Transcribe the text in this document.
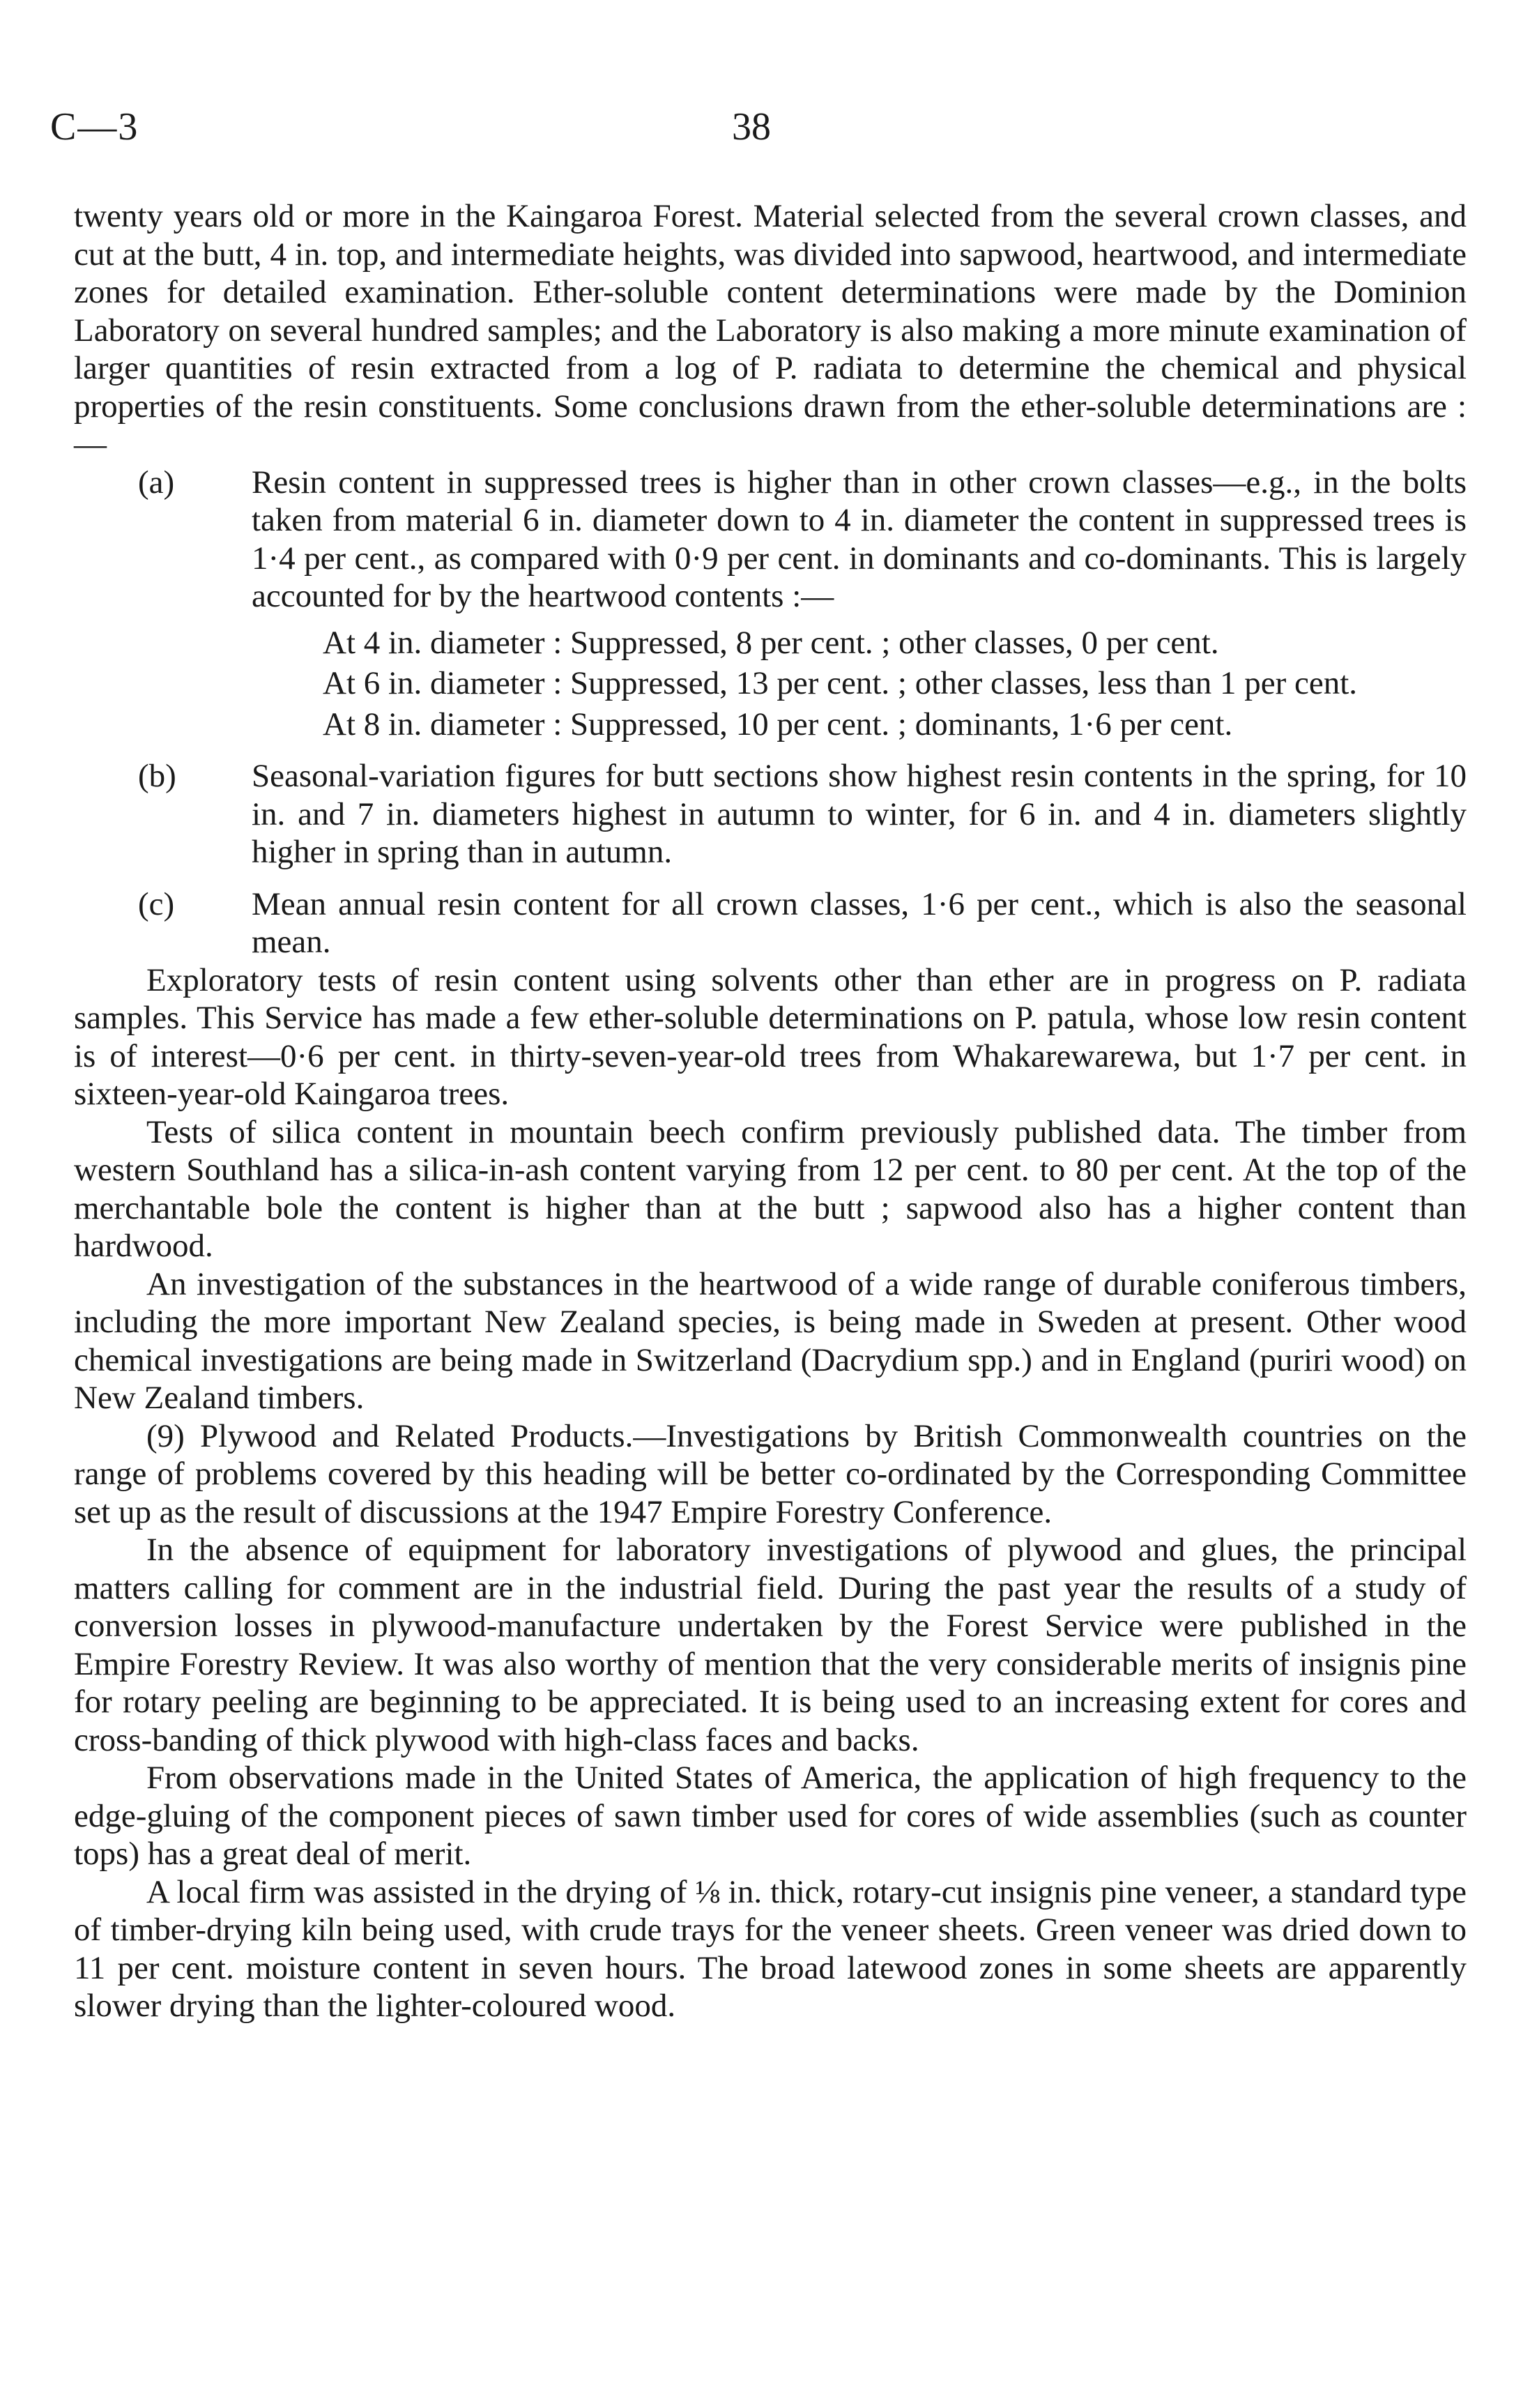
C—3	38

twenty years old or more in the Kaingaroa Forest. Material selected from the several crown classes, and cut at the butt, 4 in. top, and intermediate heights, was divided into sapwood, heartwood, and intermediate zones for detailed examination. Ether-soluble content determinations were made by the Dominion Laboratory on several hundred samples; and the Laboratory is also making a more minute examination of larger quantities of resin extracted from a log of P. radiata to determine the chemical and physical properties of the resin constituents. Some conclusions drawn from the ether-soluble determinations are :—

(a) Resin content in suppressed trees is higher than in other crown classes—e.g., in the bolts taken from material 6 in. diameter down to 4 in. diameter the content in suppressed trees is 1·4 per cent., as compared with 0·9 per cent. in dominants and co-dominants. This is largely accounted for by the heartwood contents :—
At 4 in. diameter : Suppressed, 8 per cent. ; other classes, 0 per cent.
At 6 in. diameter : Suppressed, 13 per cent. ; other classes, less than 1 per cent.
At 8 in. diameter : Suppressed, 10 per cent. ; dominants, 1·6 per cent.
(b) Seasonal-variation figures for butt sections show highest resin contents in the spring, for 10 in. and 7 in. diameters highest in autumn to winter, for 6 in. and 4 in. diameters slightly higher in spring than in autumn.
(c) Mean annual resin content for all crown classes, 1·6 per cent., which is also the seasonal mean.

Exploratory tests of resin content using solvents other than ether are in progress on P. radiata samples. This Service has made a few ether-soluble determinations on P. patula, whose low resin content is of interest—0·6 per cent. in thirty-seven-year-old trees from Whakarewarewa, but 1·7 per cent. in sixteen-year-old Kaingaroa trees.

Tests of silica content in mountain beech confirm previously published data. The timber from western Southland has a silica-in-ash content varying from 12 per cent. to 80 per cent. At the top of the merchantable bole the content is higher than at the butt ; sapwood also has a higher content than hardwood.

An investigation of the substances in the heartwood of a wide range of durable coniferous timbers, including the more important New Zealand species, is being made in Sweden at present. Other wood chemical investigations are being made in Switzerland (Dacrydium spp.) and in England (puriri wood) on New Zealand timbers.

(9) Plywood and Related Products.—Investigations by British Commonwealth countries on the range of problems covered by this heading will be better co-ordinated by the Corresponding Committee set up as the result of discussions at the 1947 Empire Forestry Conference.

In the absence of equipment for laboratory investigations of plywood and glues, the principal matters calling for comment are in the industrial field. During the past year the results of a study of conversion losses in plywood-manufacture undertaken by the Forest Service were published in the Empire Forestry Review. It was also worthy of mention that the very considerable merits of insignis pine for rotary peeling are beginning to be appreciated. It is being used to an increasing extent for cores and cross-banding of thick plywood with high-class faces and backs.

From observations made in the United States of America, the application of high frequency to the edge-gluing of the component pieces of sawn timber used for cores of wide assemblies (such as counter tops) has a great deal of merit.

A local firm was assisted in the drying of ⅛ in. thick, rotary-cut insignis pine veneer, a standard type of timber-drying kiln being used, with crude trays for the veneer sheets. Green veneer was dried down to 11 per cent. moisture content in seven hours. The broad latewood zones in some sheets are apparently slower drying than the lighter-coloured wood.
